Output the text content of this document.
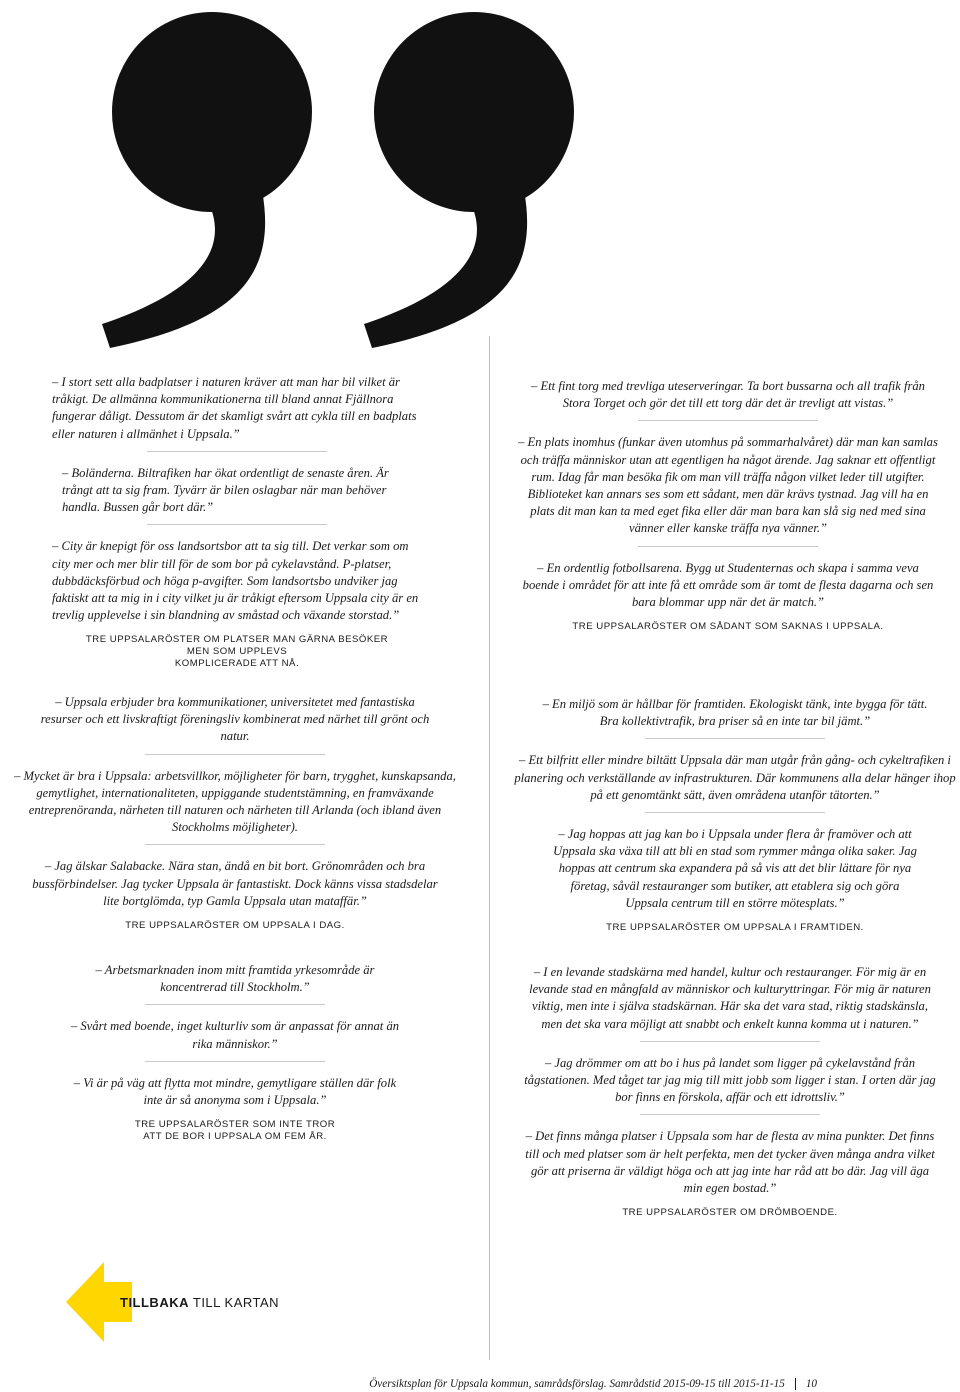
– I stort sett alla badplatser i naturen kräver att man har bil vilket är tråkigt. De allmänna kommunikationerna till bland annat Fjällnora fungerar dåligt. Dessutom är det skamligt svårt att cykla till en badplats eller naturen i allmänhet i Uppsala.”

– Boländerna. Biltrafiken har ökat ordentligt de senaste åren. Är trångt att ta sig fram. Tyvärr är bilen oslagbar när man behöver handla. Bussen går bort där.”

– City är knepigt för oss landsortsbor att ta sig till. Det verkar som om city mer och mer blir till för de som bor på cykelavstånd. P-platser, dubbdäcksförbud och höga p-avgifter. Som landsortsbo undviker jag faktiskt att ta mig in i city vilket ju är tråkigt eftersom Uppsala city är en trevlig upplevelse i sin blandning av småstad och växande storstad.”

TRE UPPSALARÖSTER OM PLATSER MAN GÄRNA BESÖKER
MEN SOM UPPLEVS
KOMPLICERADE ATT NÅ.

– Ett fint torg med trevliga uteserveringar. Ta bort bussarna och all trafik från Stora Torget och gör det till ett torg där det är trevligt att vistas.”

– En plats inomhus (funkar även utomhus på sommarhalvåret) där man kan samlas och träffa människor utan att egentligen ha något ärende. Jag saknar ett offentligt rum. Idag får man besöka fik om man vill träffa någon vilket leder till utgifter. Biblioteket kan annars ses som ett sådant, men där krävs tystnad. Jag vill ha en plats dit man kan ta med eget fika eller där man bara kan slå sig ned med sina vänner eller kanske träffa nya vänner.”

– En ordentlig fotbollsarena. Bygg ut Studenternas och skapa i samma veva boende i området för att inte få ett område som är tomt de flesta dagarna och sen bara blommar upp när det är match.”

TRE UPPSALARÖSTER OM SÅDANT SOM SAKNAS I UPPSALA.

– Uppsala erbjuder bra kommunikationer, universitetet med fantastiska resurser och ett livskraftigt föreningsliv kombinerat med närhet till grönt och natur.

– Mycket är bra i Uppsala: arbetsvillkor, möjligheter för barn, trygghet, kunskapsanda, gemytlighet, internationaliteten, uppiggande studentstämning, en framväxande entreprenöranda, närheten till naturen och närheten till Arlanda (och ibland även Stockholms möjligheter).

– Jag älskar Salabacke. Nära stan, ändå en bit bort. Grönområden och bra bussförbindelser. Jag tycker Uppsala är fantastiskt. Dock känns vissa stadsdelar lite bortglömda, typ Gamla Uppsala utan mataffär.”

TRE UPPSALARÖSTER OM UPPSALA I DAG.

– En miljö som är hållbar för framtiden. Ekologiskt tänk, inte bygga för tätt. Bra kollektivtrafik, bra priser så en inte tar bil jämt.”

– Ett bilfritt eller mindre biltätt Uppsala där man utgår från gång- och cykeltrafiken i planering och verkställande av infrastrukturen. Där kommunens alla delar hänger ihop på ett genomtänkt sätt, även områdena utanför tätorten.”

– Jag hoppas att jag kan bo i Uppsala under flera år framöver och att Uppsala ska växa till att bli en stad som rymmer många olika saker. Jag hoppas att centrum ska expandera på så vis att det blir lättare för nya företag, såväl restauranger som butiker, att etablera sig och göra Uppsala centrum till en större mötesplats.”

TRE UPPSALARÖSTER OM UPPSALA I FRAMTIDEN.

– Arbetsmarknaden inom mitt framtida yrkesområde är koncentrerad till Stockholm.”

– Svårt med boende, inget kulturliv som är anpassat för annat än rika människor.”

– Vi är på väg att flytta mot mindre, gemytligare ställen där folk inte är så anonyma som i Uppsala.”

TRE UPPSALARÖSTER SOM INTE TROR
ATT DE BOR I UPPSALA OM FEM ÅR.

– I en levande stadskärna med handel, kultur och restauranger. För mig är en levande stad en mångfald av människor och kulturyttringar. För mig är naturen viktig, men inte i själva stadskärnan. Här ska det vara stad, riktig stadskänsla, men det ska vara möjligt att snabbt och enkelt kunna komma ut i naturen.”

– Jag drömmer om att bo i hus på landet som ligger på cykelavstånd från tågstationen. Med tåget tar jag mig till mitt jobb som ligger i stan. I orten där jag bor finns en förskola, affär och ett idrottsliv.”

– Det finns många platser i Uppsala som har de flesta av mina punkter. Det finns till och med platser som är helt perfekta, men det tycker även många andra vilket gör att priserna är väldigt höga och att jag inte har råd att bo där. Jag vill äga min egen bostad.”

TRE UPPSALARÖSTER OM DRÖMBOENDE.
TILLBAKA TILL KARTAN
Översiktsplan för Uppsala kommun, samrådsförslag. Samrådstid 2015-09-15 till 2015-11-15 10
